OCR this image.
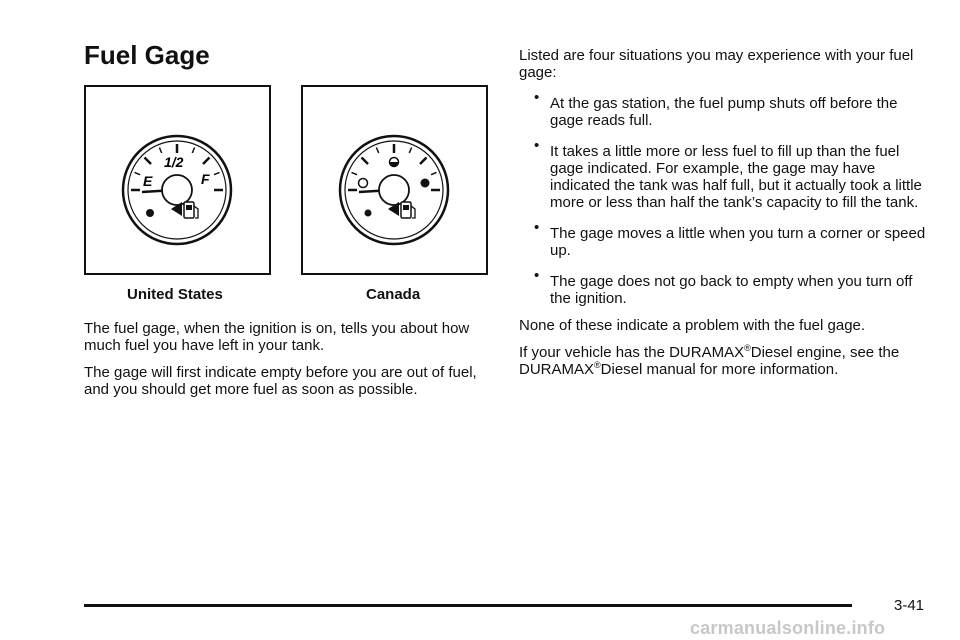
Fuel Gage
1/2
E	F
United States	Canada

The fuel gage, when the ignition is on, tells you about how much fuel you have left in your tank.

The gage will first indicate empty before you are out of fuel, and you should get more fuel as soon as possible.

Listed are four situations you may experience with your fuel gage:

• At the gas station, the fuel pump shuts off before the gage reads full.
• It takes a little more or less fuel to fill up than the fuel gage indicated. For example, the gage may have indicated the tank was half full, but it actually took a little more or less than half the tank’s capacity to fill the tank.
• The gage moves a little when you turn a corner or speed up.
• The gage does not go back to empty when you turn off the ignition.

None of these indicate a problem with the fuel gage.

If your vehicle has the DURAMAX®Diesel engine, see the DURAMAX®Diesel manual for more information.

3-41
carmanualsonline.info
